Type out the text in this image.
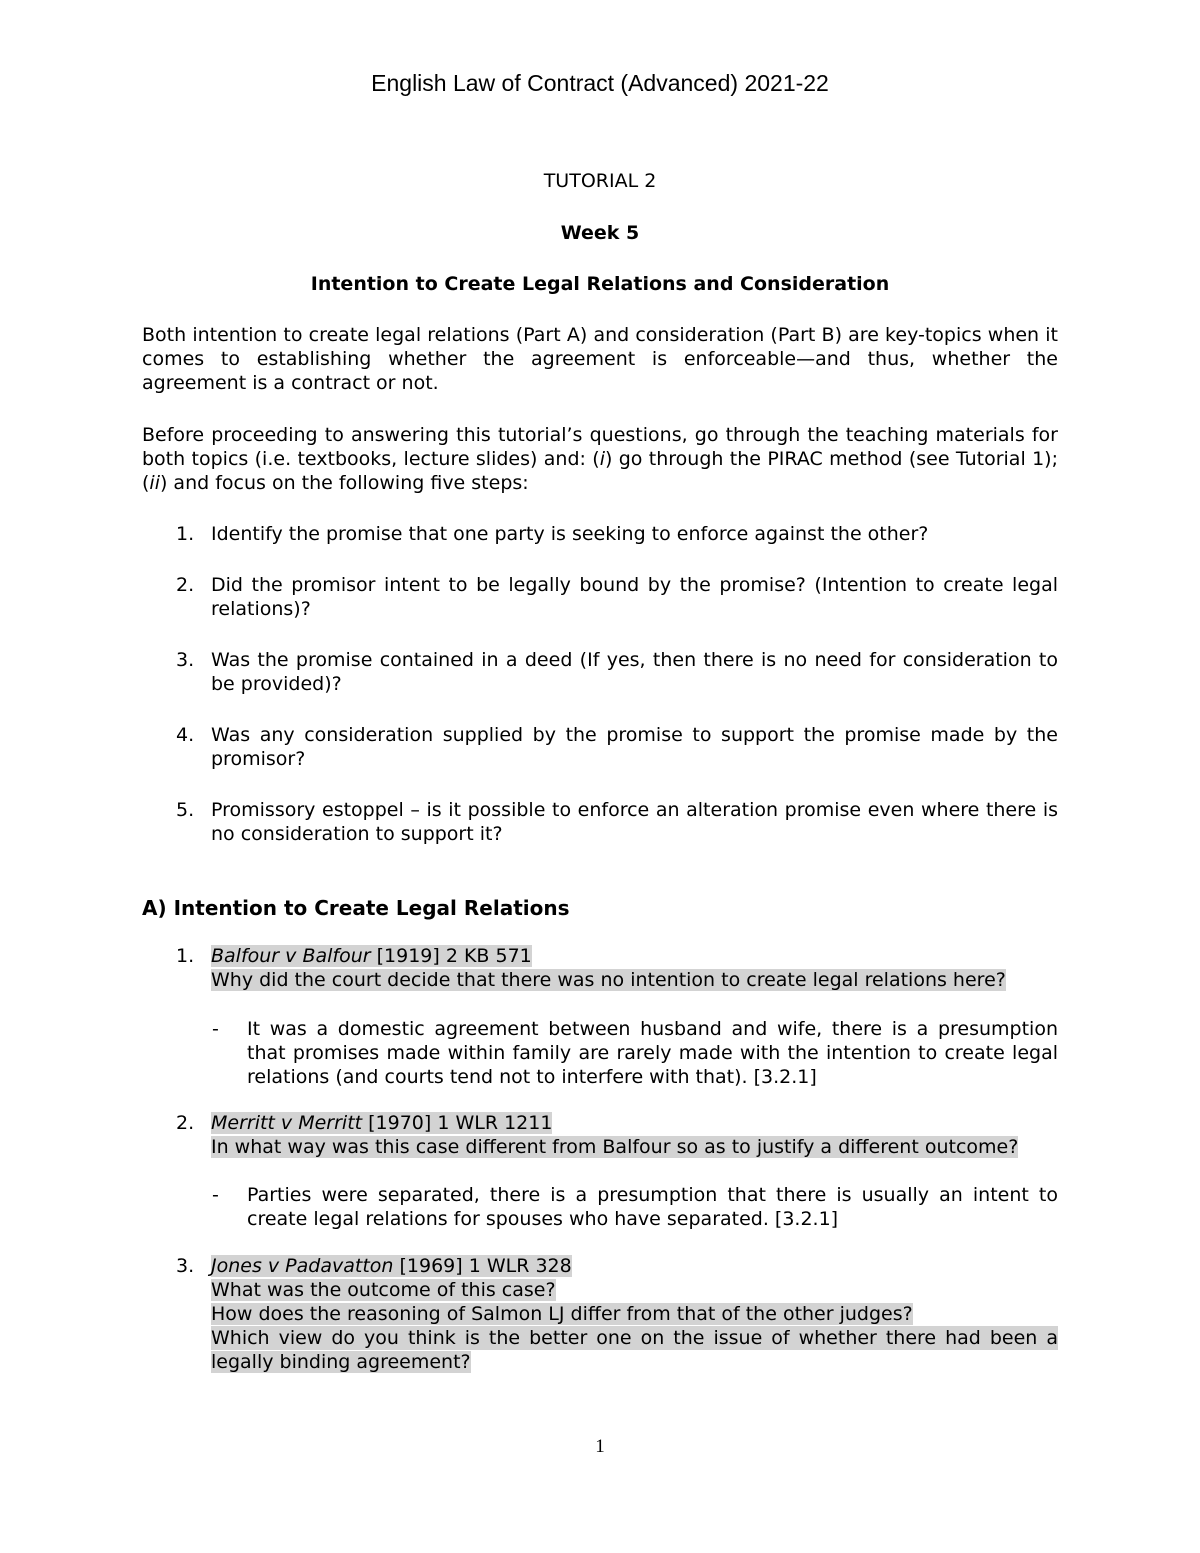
English Law of Contract (Advanced) 2021-22
TUTORIAL 2
Week 5
Intention to Create Legal Relations and Consideration
Both intention to create legal relations (Part A) and consideration (Part B) are key-topics when it comes to establishing whether the agreement is enforceable—and thus, whether the agreement is a contract or not.
Before proceeding to answering this tutorial’s questions, go through the teaching materials for both topics (i.e. textbooks, lecture slides) and: (i) go through the PIRAC method (see Tutorial 1); (ii) and focus on the following five steps:
1. Identify the promise that one party is seeking to enforce against the other?
2. Did the promisor intent to be legally bound by the promise? (Intention to create legal relations)?
3. Was the promise contained in a deed (If yes, then there is no need for consideration to be provided)?
4. Was any consideration supplied by the promise to support the promise made by the promisor?
5. Promissory estoppel – is it possible to enforce an alteration promise even where there is no consideration to support it?
A) Intention to Create Legal Relations
1. Balfour v Balfour [1919] 2 KB 571
Why did the court decide that there was no intention to create legal relations here?
- It was a domestic agreement between husband and wife, there is a presumption that promises made within family are rarely made with the intention to create legal relations (and courts tend not to interfere with that). [3.2.1]
2. Merritt v Merritt [1970] 1 WLR 1211
In what way was this case different from Balfour so as to justify a different outcome?
- Parties were separated, there is a presumption that there is usually an intent to create legal relations for spouses who have separated. [3.2.1]
3. Jones v Padavatton [1969] 1 WLR 328
What was the outcome of this case?
How does the reasoning of Salmon LJ differ from that of the other judges?
Which view do you think is the better one on the issue of whether there had been a
legally binding agreement?
1
